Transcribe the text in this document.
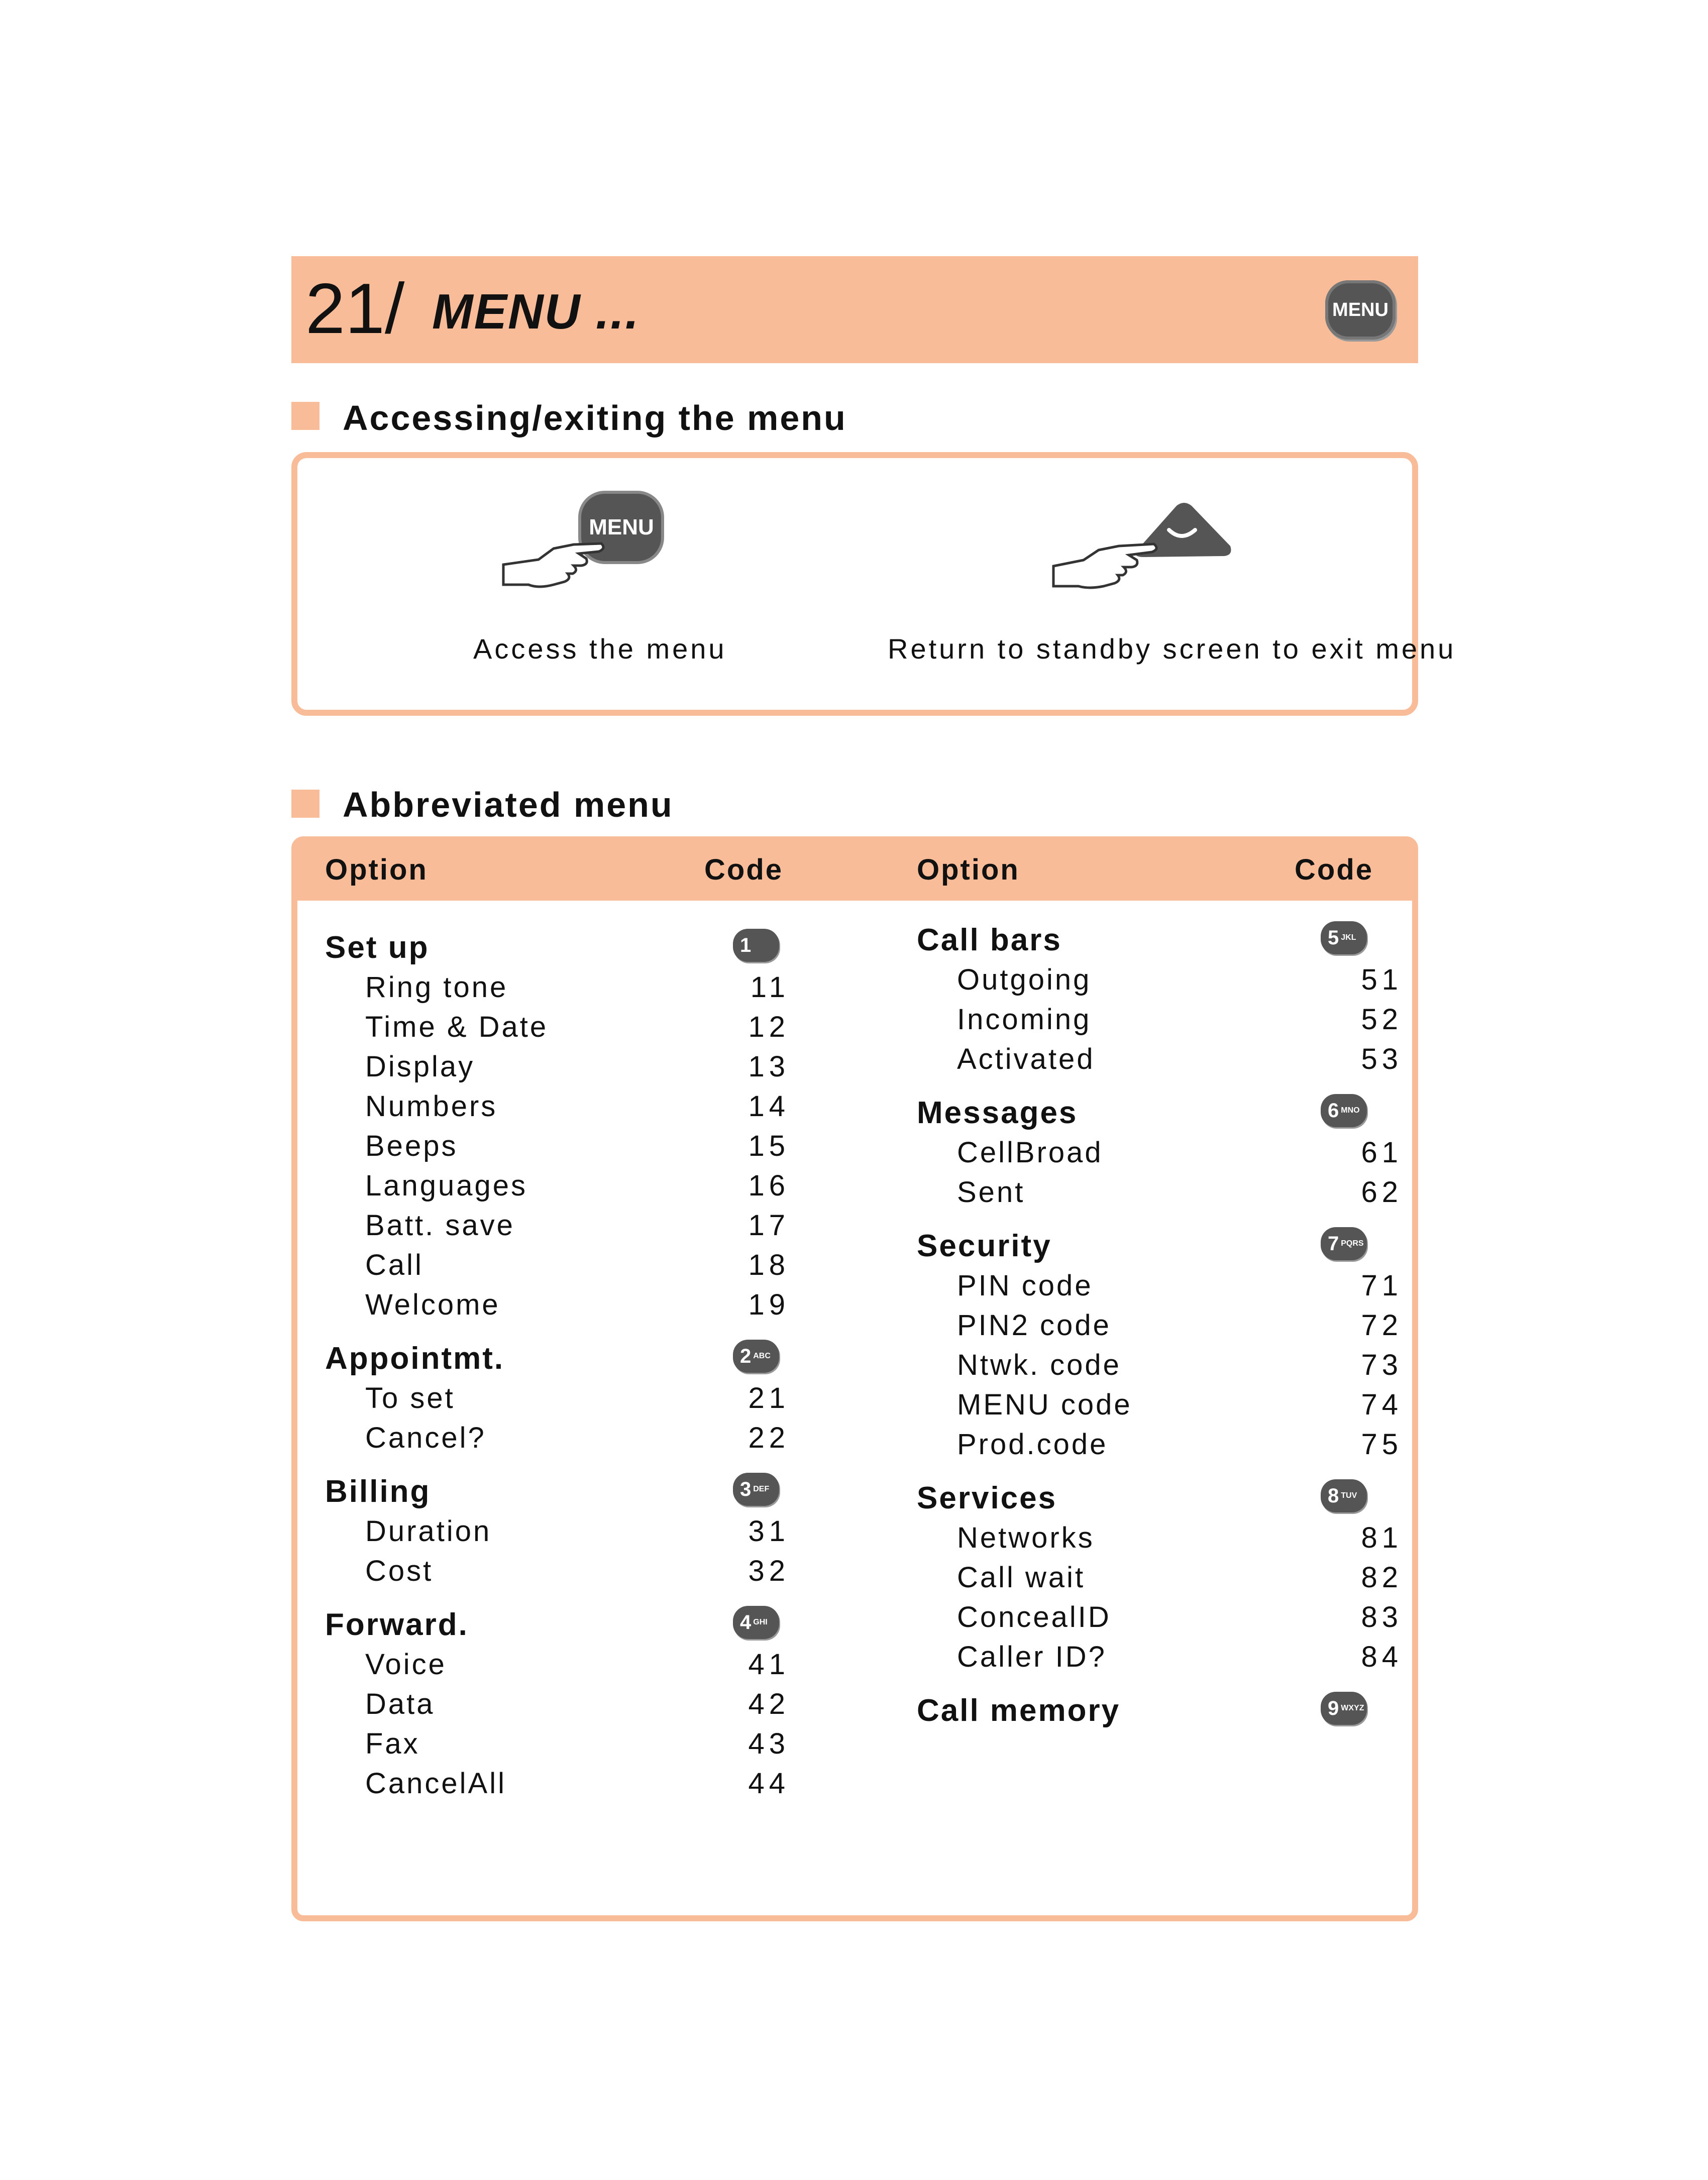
21/ MENU ...	MENU
Accessing/exiting the menu
MENU
Access the menu	Return to standby screen to exit menu
Abbreviated menu
Option	Code	Option	Code
Set up	1
Ring tone	11
Time & Date	12
Display	13
Numbers	14
Beeps	15
Languages	16
Batt. save	17
Call	18
Welcome	19
Appointmt.	2 ABC
To set	21
Cancel?	22
Billing	3 DEF
Duration	31
Cost	32
Forward.	4 GHI
Voice	41
Data	42
Fax	43
CancelAll	44
Call bars	5 JKL
Outgoing	51
Incoming	52
Activated	53
Messages	6 MNO
CellBroad	61
Sent	62
Security	7 PQRS
PIN code	71
PIN2 code	72
Ntwk. code	73
MENU code	74
Prod.code	75
Services	8 TUV
Networks	81
Call wait	82
ConcealID	83
Caller ID?	84
Call memory	9 WXYZ
